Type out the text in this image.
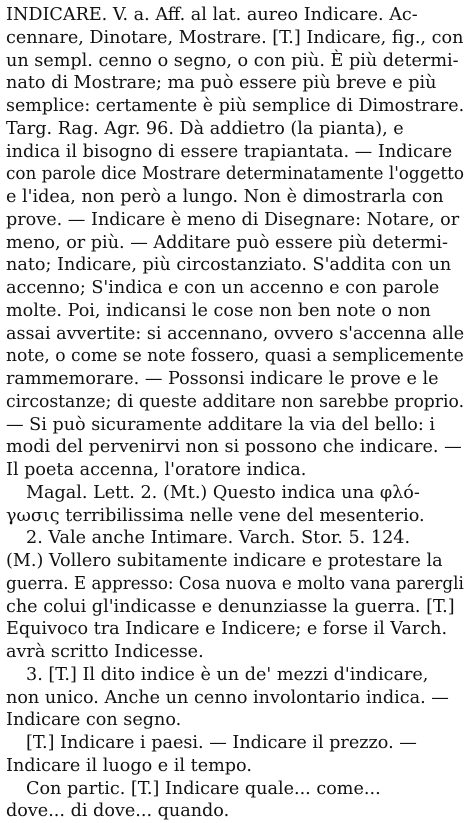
INDICARE. V. a. Aff. al lat. aureo Indicare. Ac-
cennare, Dinotare, Mostrare. [T.] Indicare, fig., con
un sempl. cenno o segno, o con più. È più determi-
nato di Mostrare; ma può essere più breve e più
semplice: certamente è più semplice di Dimostrare.
Targ. Rag. Agr. 96. Dà addietro (la pianta), e
indica il bisogno di essere trapiantata. — Indicare
con parole dice Mostrare determinatamente l'oggetto
e l'idea, non però a lungo. Non è dimostrarla con
prove. — Indicare è meno di Disegnare: Notare, or
meno, or più. — Additare può essere più determi-
nato; Indicare, più circostanziato. S'addita con un
accenno; S'indica e con un accenno e con parole
molte. Poi, indicansi le cose non ben note o non
assai avvertite: si accennano, ovvero s'accenna alle
note, o come se note fossero, quasi a semplicemente
rammemorare. — Possonsi indicare le prove e le
circostanze; di queste additare non sarebbe proprio.
— Si può sicuramente additare la via del bello: i
modi del pervenirvi non si possono che indicare. —
Il poeta accenna, l'oratore indica.
Magal. Lett. 2. (Mt.) Questo indica una φλό-
γωσις terribilissima nelle vene del mesenterio.
2. Vale anche Intimare. Varch. Stor. 5. 124.
(M.) Vollero subitamente indicare e protestare la
guerra. E appresso: Cosa nuova e molto vana parergli
che colui gl'indicasse e denunziasse la guerra. [T.]
Equivoco tra Indicare e Indicere; e forse il Varch.
avrà scritto Indicesse.
3. [T.] Il dito indice è un de' mezzi d'indicare,
non unico. Anche un cenno involontario indica. —
Indicare con segno.
[T.] Indicare i paesi. — Indicare il prezzo. —
Indicare il luogo e il tempo.
Con partic. [T.] Indicare quale... come...
dove... di dove... quando.
